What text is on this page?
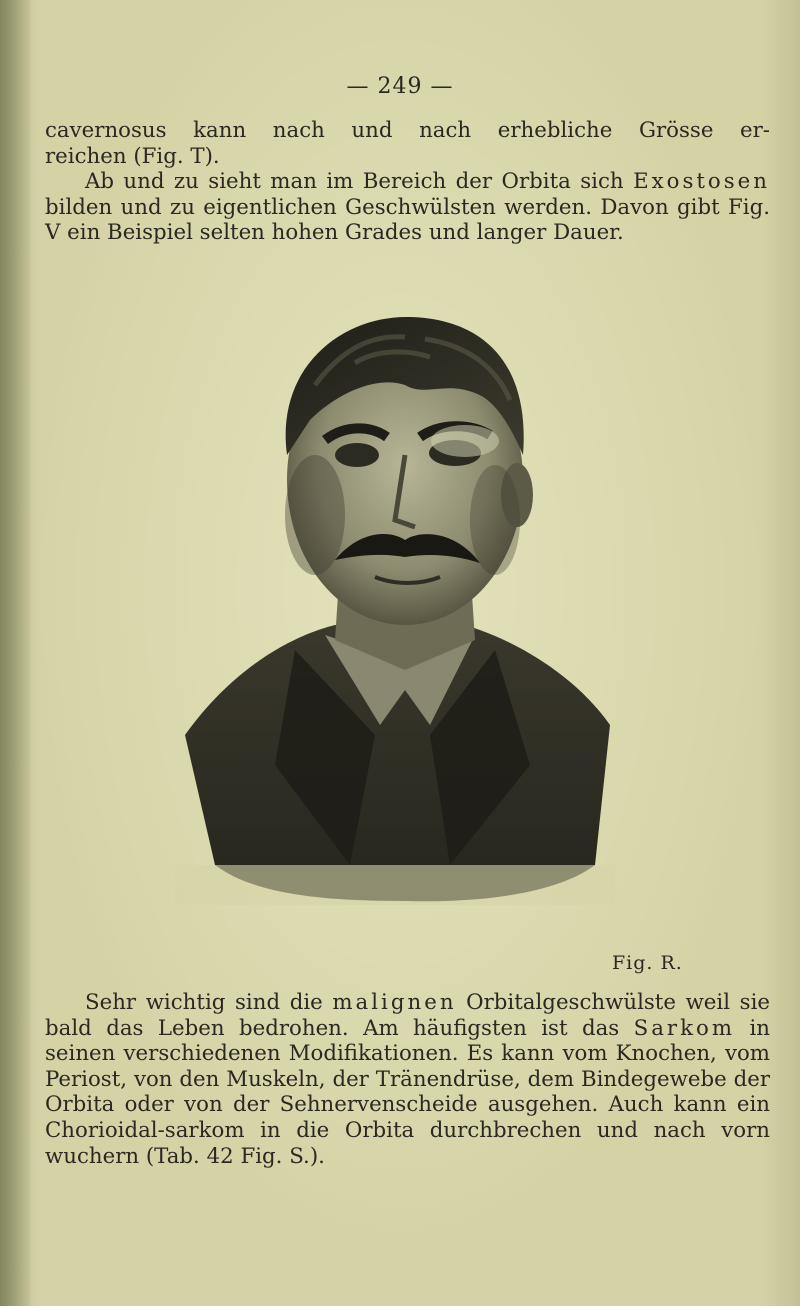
— 249 —

cavernosus kann nach und nach erhebliche Grösse er-

reichen (Fig. T).

Ab und zu sieht man im Bereich der Orbita sich Exostosen bilden und zu eigentlichen Geschwülsten werden. Davon gibt Fig. V ein Beispiel selten hohen Grades und langer Dauer.

Fig. R.

Sehr wichtig sind die malignen Orbitalgeschwülste weil sie bald das Leben bedrohen. Am häufigsten ist das Sarkom in seinen verschiedenen Modifikationen. Es kann vom Knochen, vom Periost, von den Muskeln, der Tränendrüse, dem Bindegewebe der Orbita oder von der Sehnervenscheide ausgehen. Auch kann ein Chorioidal-sarkom in die Orbita durchbrechen und nach vorn wuchern (Tab. 42 Fig. S.).
